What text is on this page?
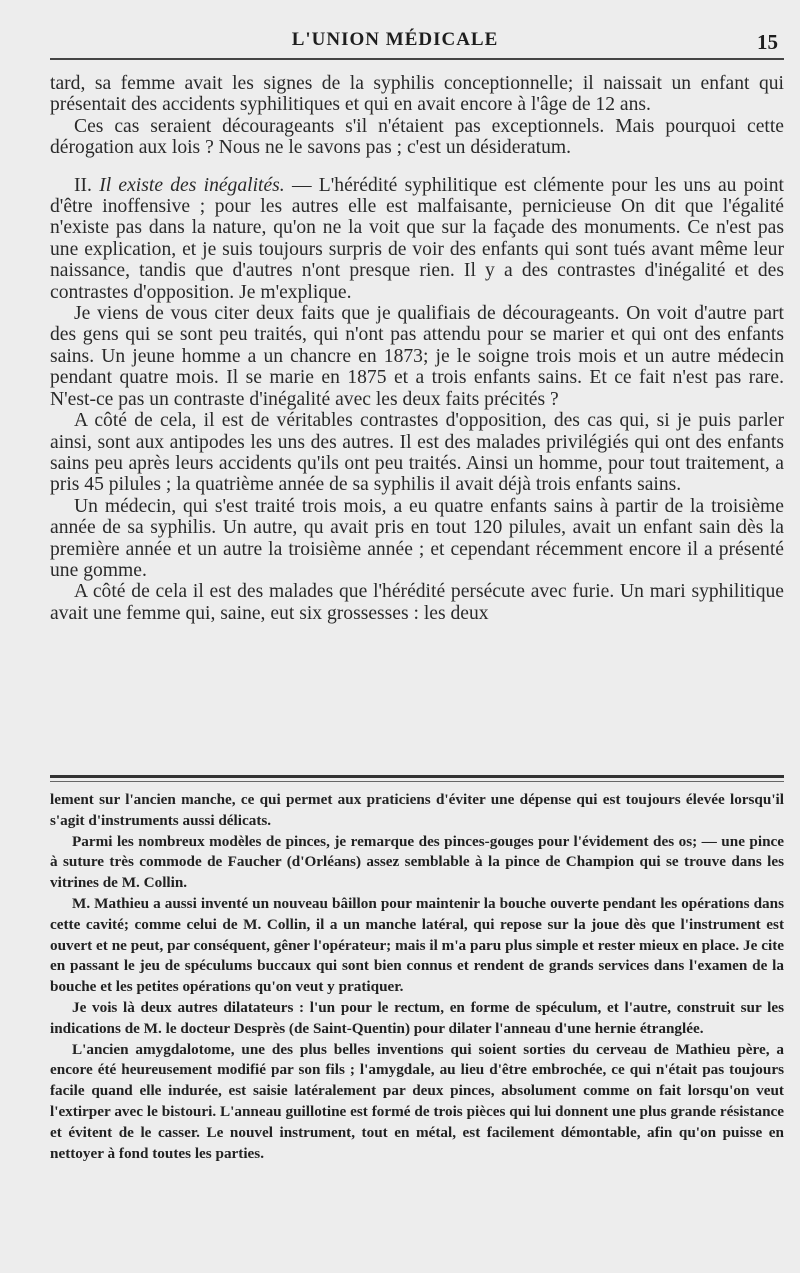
L'UNION MÉDICALE	15

tard, sa femme avait les signes de la syphilis conceptionnelle; il naissait un enfant qui présentait des accidents syphilitiques et qui en avait encore à l'âge de 12 ans.

Ces cas seraient décourageants s'il n'étaient pas exceptionnels. Mais pourquoi cette dérogation aux lois ? Nous ne le savons pas ; c'est un désideratum.

II. Il existe des inégalités. — L'hérédité syphilitique est clémente pour les uns au point d'être inoffensive ; pour les autres elle est malfaisante, pernicieuse On dit que l'égalité n'existe pas dans la nature, qu'on ne la voit que sur la façade des monuments. Ce n'est pas une explication, et je suis toujours surpris de voir des enfants qui sont tués avant même leur naissance, tandis que d'autres n'ont presque rien. Il y a des contrastes d'inégalité et des contrastes d'opposition. Je m'explique.

Je viens de vous citer deux faits que je qualifiais de décourageants. On voit d'autre part des gens qui se sont peu traités, qui n'ont pas attendu pour se marier et qui ont des enfants sains. Un jeune homme a un chancre en 1873; je le soigne trois mois et un autre médecin pendant quatre mois. Il se marie en 1875 et a trois enfants sains. Et ce fait n'est pas rare. N'est-ce pas un contraste d'inégalité avec les deux faits précités ?

A côté de cela, il est de véritables contrastes d'opposition, des cas qui, si je puis parler ainsi, sont aux antipodes les uns des autres. Il est des malades privilégiés qui ont des enfants sains peu après leurs accidents qu'ils ont peu traités. Ainsi un homme, pour tout traitement, a pris 45 pilules ; la quatrième année de sa syphilis il avait déjà trois enfants sains.

Un médecin, qui s'est traité trois mois, a eu quatre enfants sains à partir de la troisième année de sa syphilis. Un autre, qu avait pris en tout 120 pilules, avait un enfant sain dès la première année et un autre la troisième année ; et cependant récemment encore il a présenté une gomme.

A côté de cela il est des malades que l'hérédité persécute avec furie. Un mari syphilitique avait une femme qui, saine, eut six grossesses : les deux

lement sur l'ancien manche, ce qui permet aux praticiens d'éviter une dépense qui est toujours élevée lorsqu'il s'agit d'instruments aussi délicats.

Parmi les nombreux modèles de pinces, je remarque des pinces-gouges pour l'évidement des os; — une pince à suture très commode de Faucher (d'Orléans) assez semblable à la pince de Champion qui se trouve dans les vitrines de M. Collin.

M. Mathieu a aussi inventé un nouveau bâillon pour maintenir la bouche ouverte pendant les opérations dans cette cavité; comme celui de M. Collin, il a un manche latéral, qui repose sur la joue dès que l'instrument est ouvert et ne peut, par conséquent, gêner l'opérateur; mais il m'a paru plus simple et rester mieux en place. Je cite en passant le jeu de spéculums buccaux qui sont bien connus et rendent de grands services dans l'examen de la bouche et les petites opérations qu'on veut y pratiquer.

Je vois là deux autres dilatateurs : l'un pour le rectum, en forme de spéculum, et l'autre, construit sur les indications de M. le docteur Desprès (de Saint-Quentin) pour dilater l'anneau d'une hernie étranglée.

L'ancien amygdalotome, une des plus belles inventions qui soient sorties du cerveau de Mathieu père, a encore été heureusement modifié par son fils ; l'amygdale, au lieu d'être embrochée, ce qui n'était pas toujours facile quand elle indurée, est saisie latéralement par deux pinces, absolument comme on fait lorsqu'on veut l'extirper avec le bistouri. L'anneau guillotine est formé de trois pièces qui lui donnent une plus grande résistance et évitent de le casser. Le nouvel instrument, tout en métal, est facilement démontable, afin qu'on puisse en nettoyer à fond toutes les parties.
